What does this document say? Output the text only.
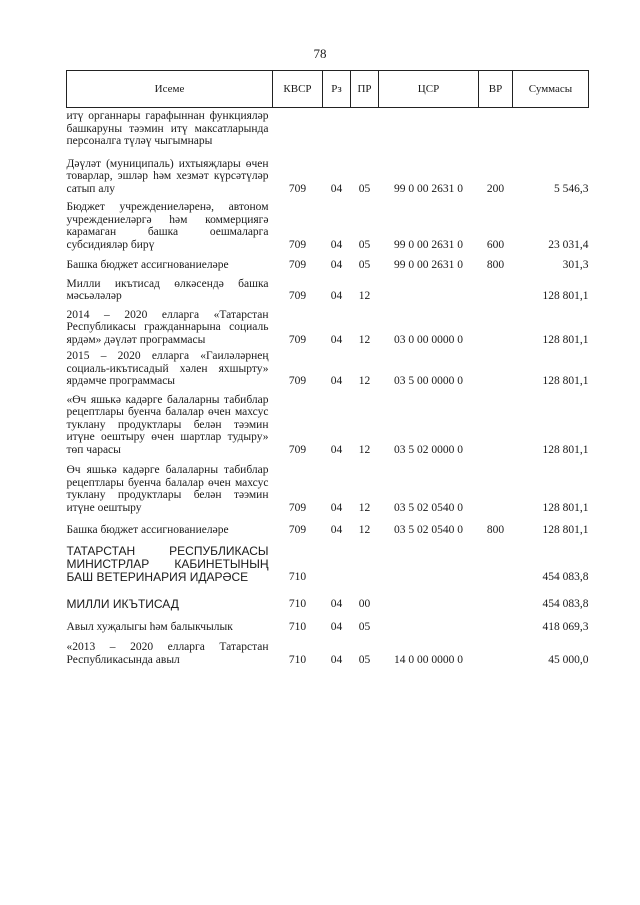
78
Исеме	КВСР	Рз	ПР	ЦСР	ВР	Суммасы

итү органнары гарафыннан функцияләр башкаруны тәэмин итү максатларында персоналга түләү чыгымнары						

Дәүләт (муниципаль) ихтыяҗлары өчен товарлар, эшләр һәм хезмәт күрсәтүләр сатып алу	709	04	05	99 0 00 2631 0	200	5 546,3

Бюджет учреждениеләренә, автоном учреждениеләргә һәм коммерциягә карамаган башка оешмаларга субсидияләр бирү	709	04	05	99 0 00 2631 0	600	23 031,4

Башка бюджет ассигнованиеләре	709	04	05	99 0 00 2631 0	800	301,3

Милли икътисад өлкәсендә башка мәсьәләләр	709	04	12			128 801,1

2014 – 2020 елларга «Татарстан Республикасы гражданнарына социаль ярдәм» дәүләт программасы	709	04	12	03 0 00 0000 0		128 801,1

2015 – 2020 елларга «Гаиләләрнең социаль-икътисадый хәлен яхшырту» ярдәмче программасы	709	04	12	03 5 00 0000 0		128 801,1

«Өч яшькә кадәрге балаларны табиблар рецептлары буенча балалар өчен махсус туклану продуктлары белән тәэмин итүне оештыру өчен шартлар тудыру» төп чарасы	709	04	12	03 5 02 0000 0		128 801,1

Өч яшькә кадәрге балаларны табиблар рецептлары буенча балалар өчен махсус туклану продуктлары белән тәэмин итүне оештыру	709	04	12	03 5 02 0540 0		128 801,1

Башка бюджет ассигнованиеләре	709	04	12	03 5 02 0540 0	800	128 801,1

ТАТАРСТАН РЕСПУБЛИКАСЫ МИНИСТРЛАР КАБИНЕТЫНЫҢ БАШ ВЕТЕРИНАРИЯ ИДАРӘСЕ	710					454 083,8

МИЛЛИ ИКЪТИСАД	710	04	00			454 083,8

Авыл хуҗалыгы һәм балыкчылык	710	04	05			418 069,3

«2013 – 2020 елларга Татарстан Республикасында авыл	710	04	05	14 0 00 0000 0		45 000,0
